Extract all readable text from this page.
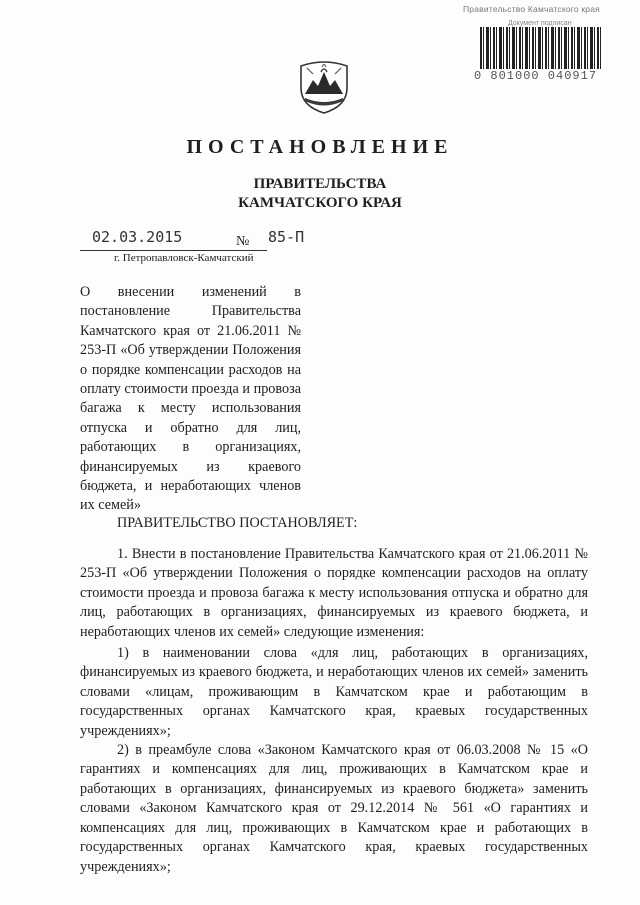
Правительство Камчатского края
Документ подписан
0 801000 040917
ПОСТАНОВЛЕНИЕ
ПРАВИТЕЛЬСТВА
КАМЧАТСКОГО КРАЯ
02.03.2015	№ 85-П
г. Петропавловск-Камчатский
О внесении изменений в постановление Правительства Камчатского края от 21.06.2011 № 253-П «Об утверждении Положения о порядке компенсации расходов на оплату стоимости проезда и провоза багажа к месту использования отпуска и обратно для лиц, работающих в организациях, финансируемых из краевого бюджета, и неработающих членов их семей»
ПРАВИТЕЛЬСТВО ПОСТАНОВЛЯЕТ:

1. Внести в постановление Правительства Камчатского края от 21.06.2011 № 253-П «Об утверждении Положения о порядке компенсации расходов на оплату стоимости проезда и провоза багажа к месту использования отпуска и обратно для лиц, работающих в организациях, финансируемых из краевого бюджета, и неработающих членов их семей» следующие изменения:

1) в наименовании слова «для лиц, работающих в организациях, финансируемых из краевого бюджета, и неработающих членов их семей» заменить словами «лицам, проживающим в Камчатском крае и работающим в государственных органах Камчатского края, краевых государственных учреждениях»;

2) в преамбуле слова «Законом Камчатского края от 06.03.2008 № 15 «О гарантиях и компенсациях для лиц, проживающих в Камчатском крае и работающих в организациях, финансируемых из краевого бюджета» заменить словами «Законом Камчатского края от 29.12.2014 № 561 «О гарантиях и компенсациях для лиц, проживающих в Камчатском крае и работающих в государственных органах Камчатского края, краевых государственных учреждениях»;
